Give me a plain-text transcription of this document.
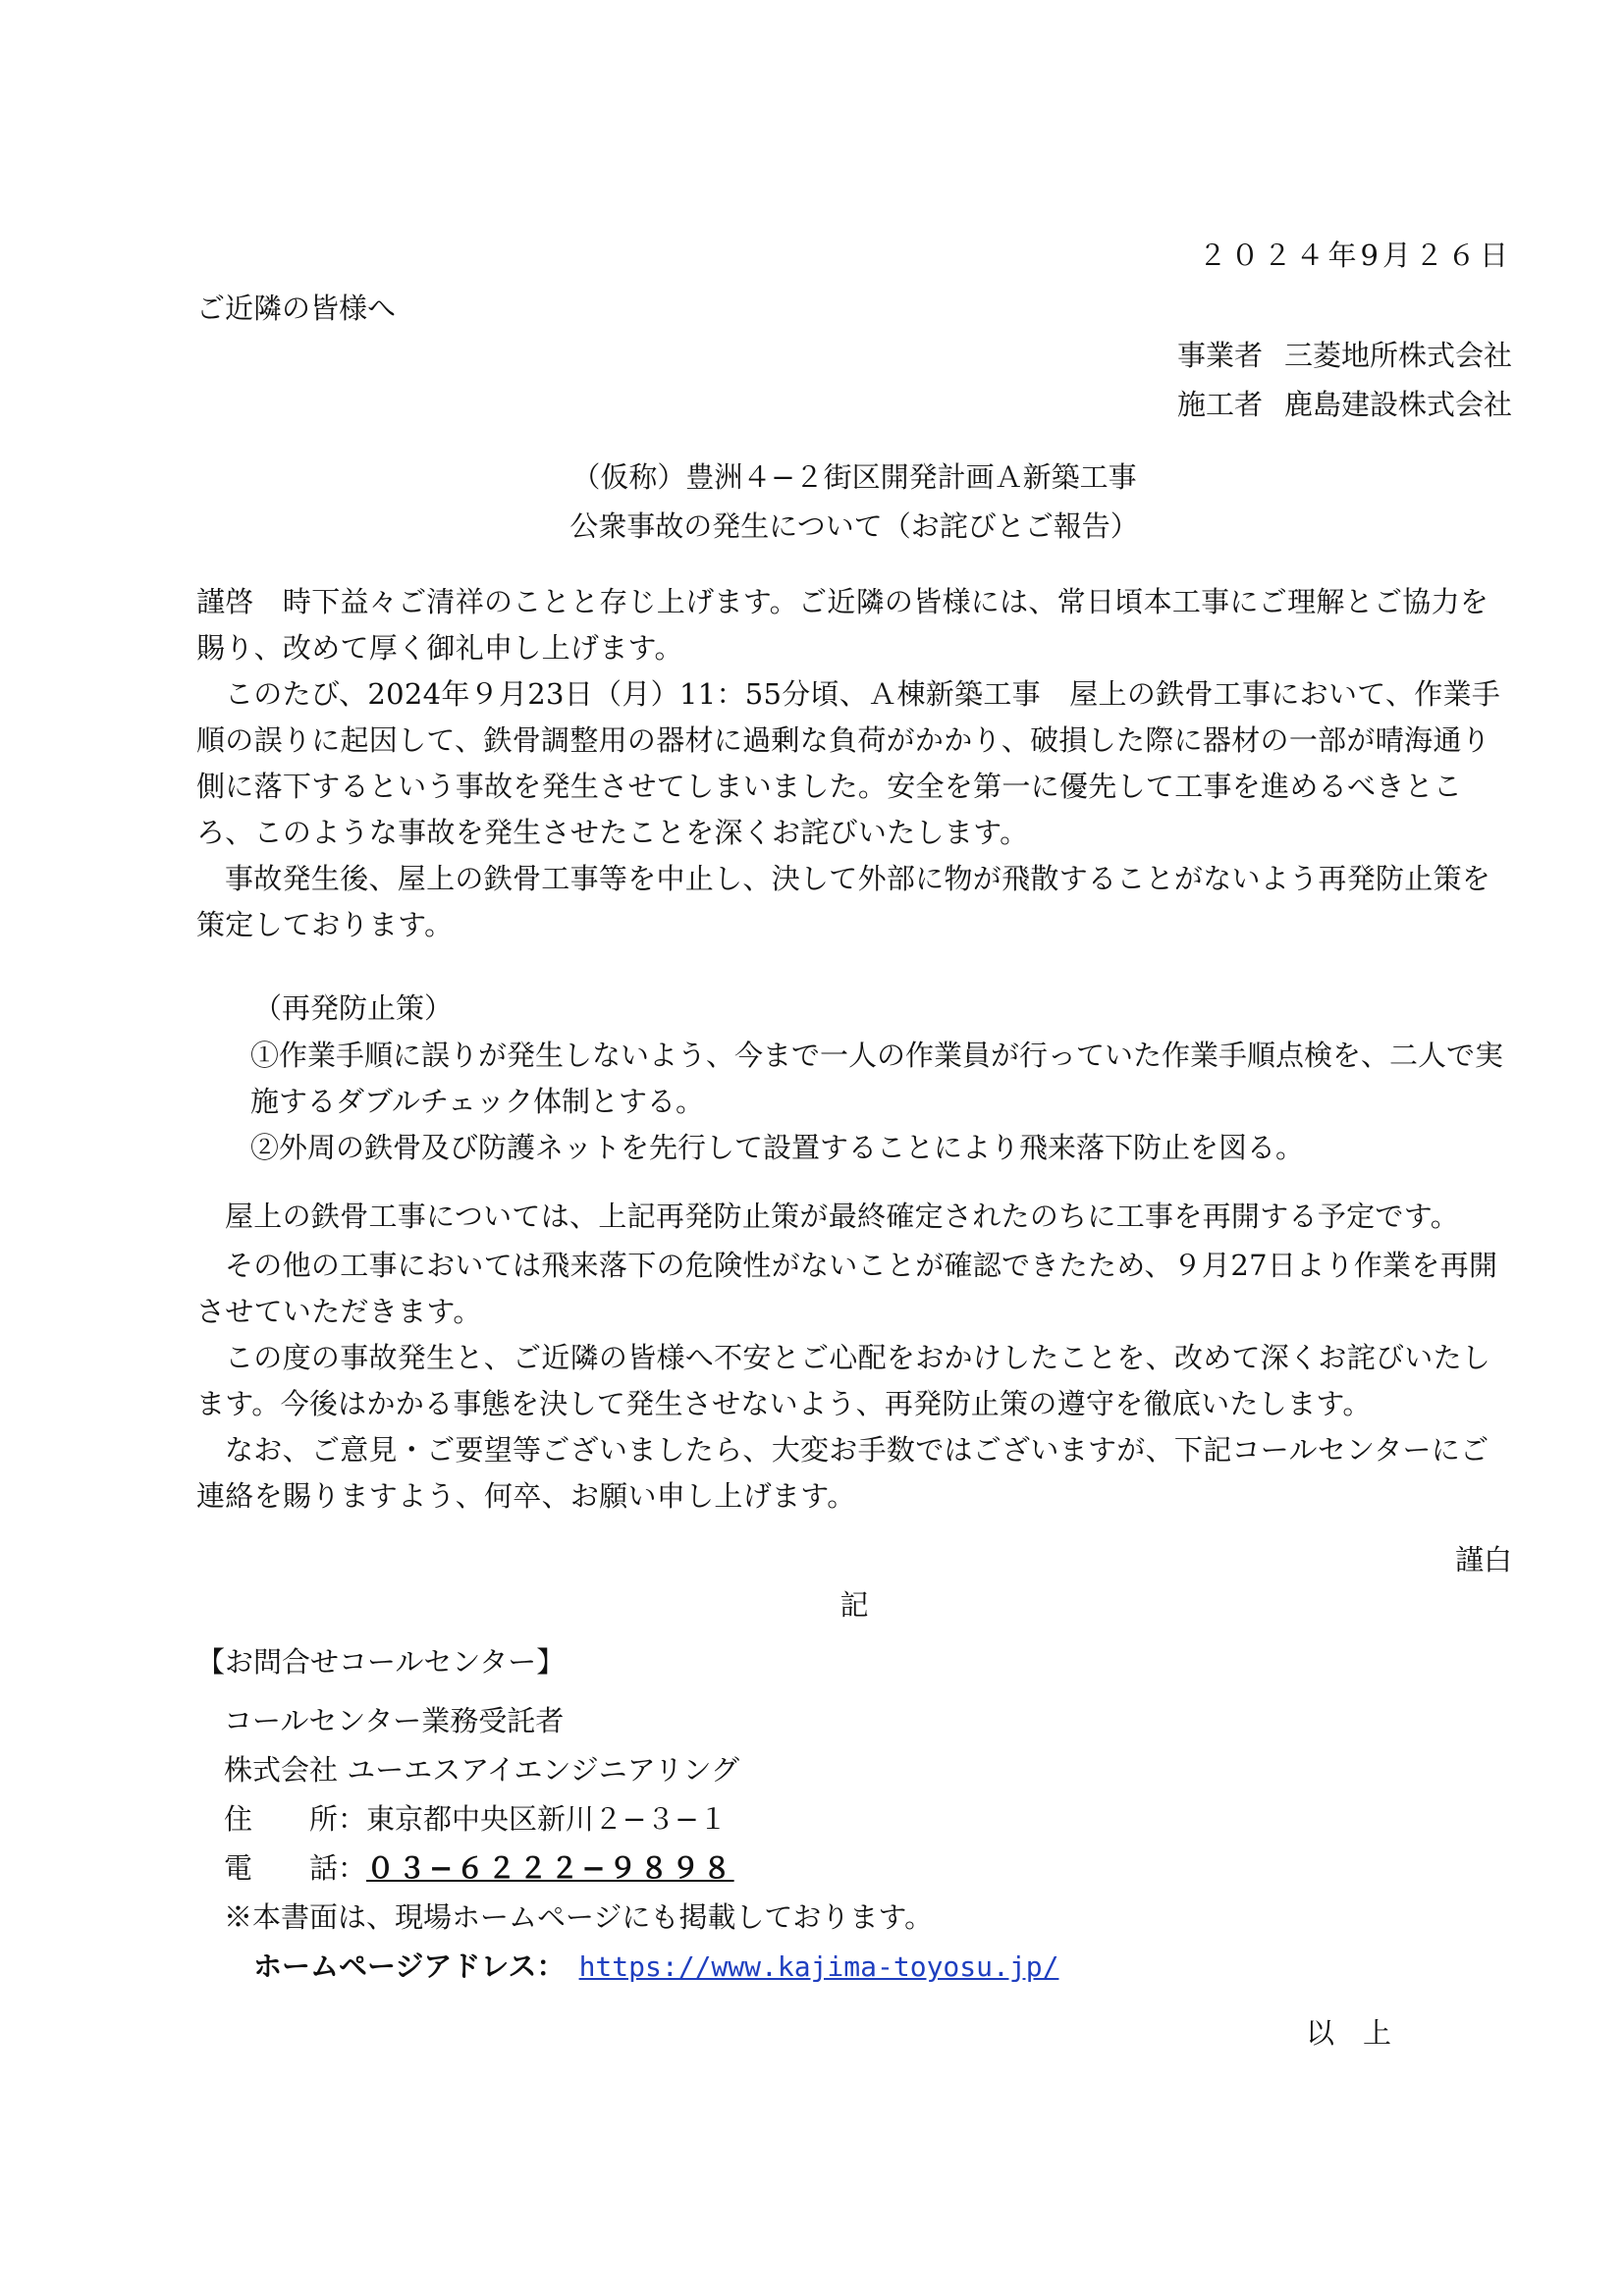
２０２４年9月２６日
ご近隣の皆様へ
事業者 三菱地所株式会社
施工者 鹿島建設株式会社
（仮称）豊洲４−２街区開発計画Ａ新築工事
公衆事故の発生について（お詫びとご報告）
謹啓　時下益々ご清祥のことと存じ上げます。ご近隣の皆様には、常日頃本工事にご理解とご協力を賜り、改めて厚く御礼申し上げます。
このたび、2024年９月23日（月）11：55分頃、Ａ棟新築工事　屋上の鉄骨工事において、作業手順の誤りに起因して、鉄骨調整用の器材に過剰な負荷がかかり、破損した際に器材の一部が晴海通り側に落下するという事故を発生させてしまいました。安全を第一に優先して工事を進めるべきところ、このような事故を発生させたことを深くお詫びいたします。
事故発生後、屋上の鉄骨工事等を中止し、決して外部に物が飛散することがないよう再発防止策を策定しております。
（再発防止策）
①作業手順に誤りが発生しないよう、今まで一人の作業員が行っていた作業手順点検を、二人で実施するダブルチェック体制とする。
②外周の鉄骨及び防護ネットを先行して設置することにより飛来落下防止を図る。
屋上の鉄骨工事については、上記再発防止策が最終確定されたのちに工事を再開する予定です。
その他の工事においては飛来落下の危険性がないことが確認できたため、９月27日より作業を再開させていただきます。
この度の事故発生と、ご近隣の皆様へ不安とご心配をおかけしたことを、改めて深くお詫びいたします。今後はかかる事態を決して発生させないよう、再発防止策の遵守を徹底いたします。
なお、ご意見・ご要望等ございましたら、大変お手数ではございますが、下記コールセンターにご連絡を賜りますよう、何卒、お願い申し上げます。
謹白
記
【お問合せコールセンター】
コールセンター業務受託者
株式会社 ユーエスアイエンジニアリング
住　　所：東京都中央区新川２−３−１
電　　話：０３−６２２２−９８９８
※本書面は、現場ホームページにも掲載しております。
ホームページアドレス： https://www.kajima-toyosu.jp/
以　上
